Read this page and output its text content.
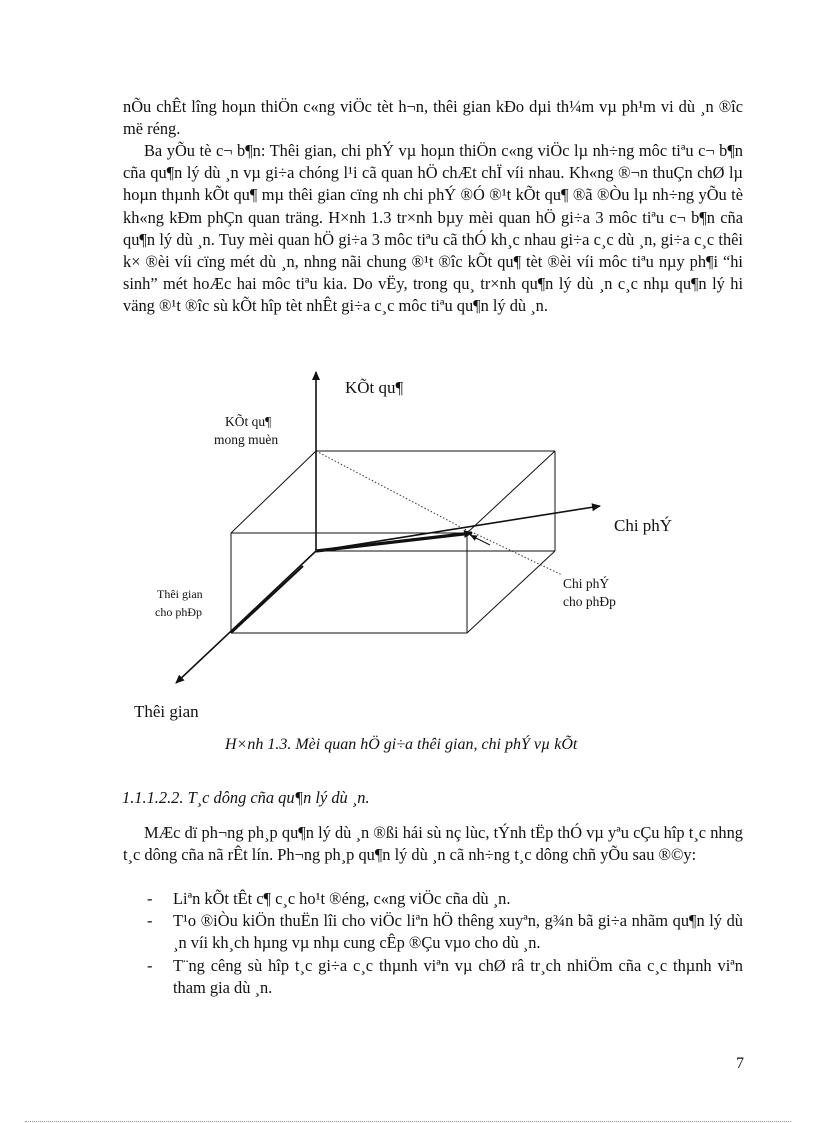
nÕu chÊt lîng hoµn thiÖn c«ng viÖc tèt h¬n, thêi gian kÐo dµi th¼m vµ ph¹m vi dù ¸n ®îc më réng.

Ba yÕu tè c¬ b¶n: Thêi gian, chi phÝ vµ hoµn thiÖn c«ng viÖc lµ nh÷ng môc tiªu c¬ b¶n cña qu¶n lý dù ¸n vµ gi÷a chóng l¹i cã quan hÖ chÆt chÏ víi nhau. Kh«ng ®¬n thuÇn chØ lµ hoµn thµnh kÕt qu¶ mµ thêi gian cïng nh chi phÝ ®Ó ®¹t kÕt qu¶ ®ã ®Òu lµ nh÷ng yÕu tè kh«ng kÐm phÇn quan träng. H×nh 1.3 tr×nh bµy mèi quan hÖ gi÷a 3 môc tiªu c¬ b¶n cña qu¶n lý dù ¸n. Tuy mèi quan hÖ gi÷a 3 môc tiªu cã thÓ kh¸c nhau gi÷a c¸c dù ¸n, gi÷a c¸c thêi k× ®èi víi cïng mét dù ¸n, nhng nãi chung ®¹t ®îc kÕt qu¶ tèt ®èi víi môc tiªu nµy ph¶i “hi sinh” mét hoÆc hai môc tiªu kia. Do vËy, trong qu¸ tr×nh qu¶n lý dù ¸n c¸c nhµ qu¶n lý hi väng ®¹t ®îc sù kÕt hîp tèt nhÊt gi÷a c¸c môc tiªu qu¶n lý dù ¸n.

KÕt qu¶
KÕt qu¶
mong muèn
Chi phÝ
Chi phÝ
cho phÐp
Thêi gian
cho phÐp
Thêi gian
H×nh 1.3. Mèi quan hÖ gi÷a thêi gian, chi phÝ vµ kÕt
1.1.1.2.2. T¸c dông cña qu¶n lý dù ¸n.

MÆc dï ph¬ng ph¸p qu¶n lý dù ¸n ®ßi hái sù nç lùc, tÝnh tËp thÓ vµ yªu cÇu hîp t¸c nhng t¸c dông cña nã rÊt lín. Ph¬ng ph¸p qu¶n lý dù ¸n cã nh÷ng t¸c dông chñ yÕu sau ®©y:

- Liªn kÕt tÊt c¶ c¸c ho¹t ®éng, c«ng viÖc cña dù ¸n.
- T¹o ®iÒu kiÖn thuËn lîi cho viÖc liªn hÖ thêng xuyªn, g¾n bã gi÷a nhãm qu¶n lý dù ¸n víi kh¸ch hµng vµ nhµ cung cÊp ®Çu vµo cho dù ¸n.
- T¨ng cêng sù hîp t¸c gi÷a c¸c thµnh viªn vµ chØ râ tr¸ch nhiÖm cña c¸c thµnh viªn tham gia dù ¸n.
7
